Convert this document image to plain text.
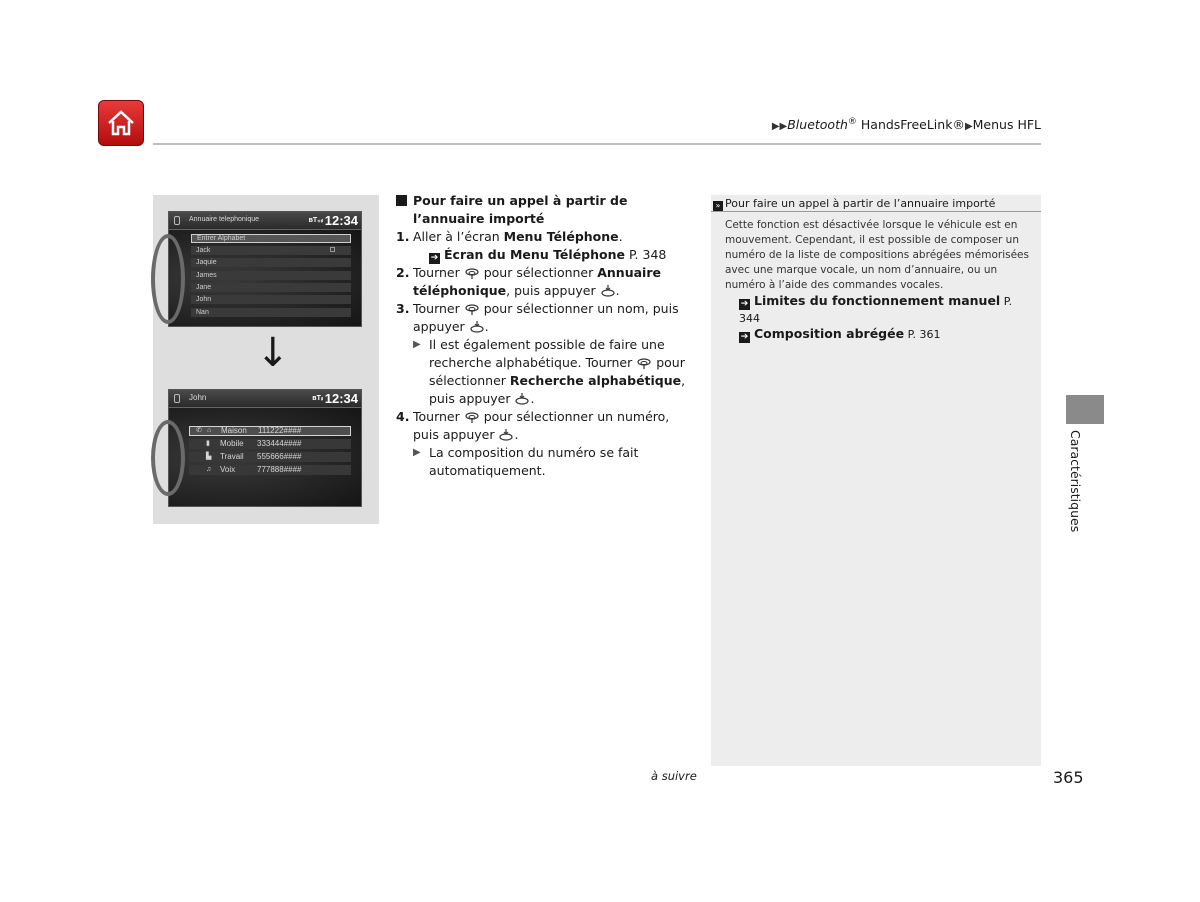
▶▶Bluetooth® HandsFreeLink®▶Menus HFL
Annuaire telephonique	ʙT₊ᵢₗ 12:34
Entrer Alphabet
Jack
Jaquie
James
Jane
John
Nan
↓
John	ʙTᵢₗ 12:34
✆ ⌂ Maison 111222####
▮ Mobile 333444####
▙ Travail 555666####
♫ Voix	777888####
Pour faire un appel à partir de l’annuaire importé
1. Aller à l’écran Menu Téléphone.
➔ Écran du Menu Téléphone P. 348
2. Tourner  pour sélectionner Annuaire téléphonique, puis appuyer .
3. Tourner  pour sélectionner un nom, puis appuyer .
▶ Il est également possible de faire une recherche alphabétique. Tourner  pour sélectionner Recherche alphabétique, puis appuyer .
4. Tourner  pour sélectionner un numéro, puis appuyer .
▶ La composition du numéro se fait automatiquement.
» Pour faire un appel à partir de l’annuaire importé
Cette fonction est désactivée lorsque le véhicule est en mouvement. Cependant, il est possible de composer un numéro de la liste de compositions abrégées mémorisées avec une marque vocale, un nom d’annuaire, ou un numéro à l’aide des commandes vocales.
➔ Limites du fonctionnement manuel P. 344
➔ Composition abrégée P. 361
Caractéristiques
à suivre	365
